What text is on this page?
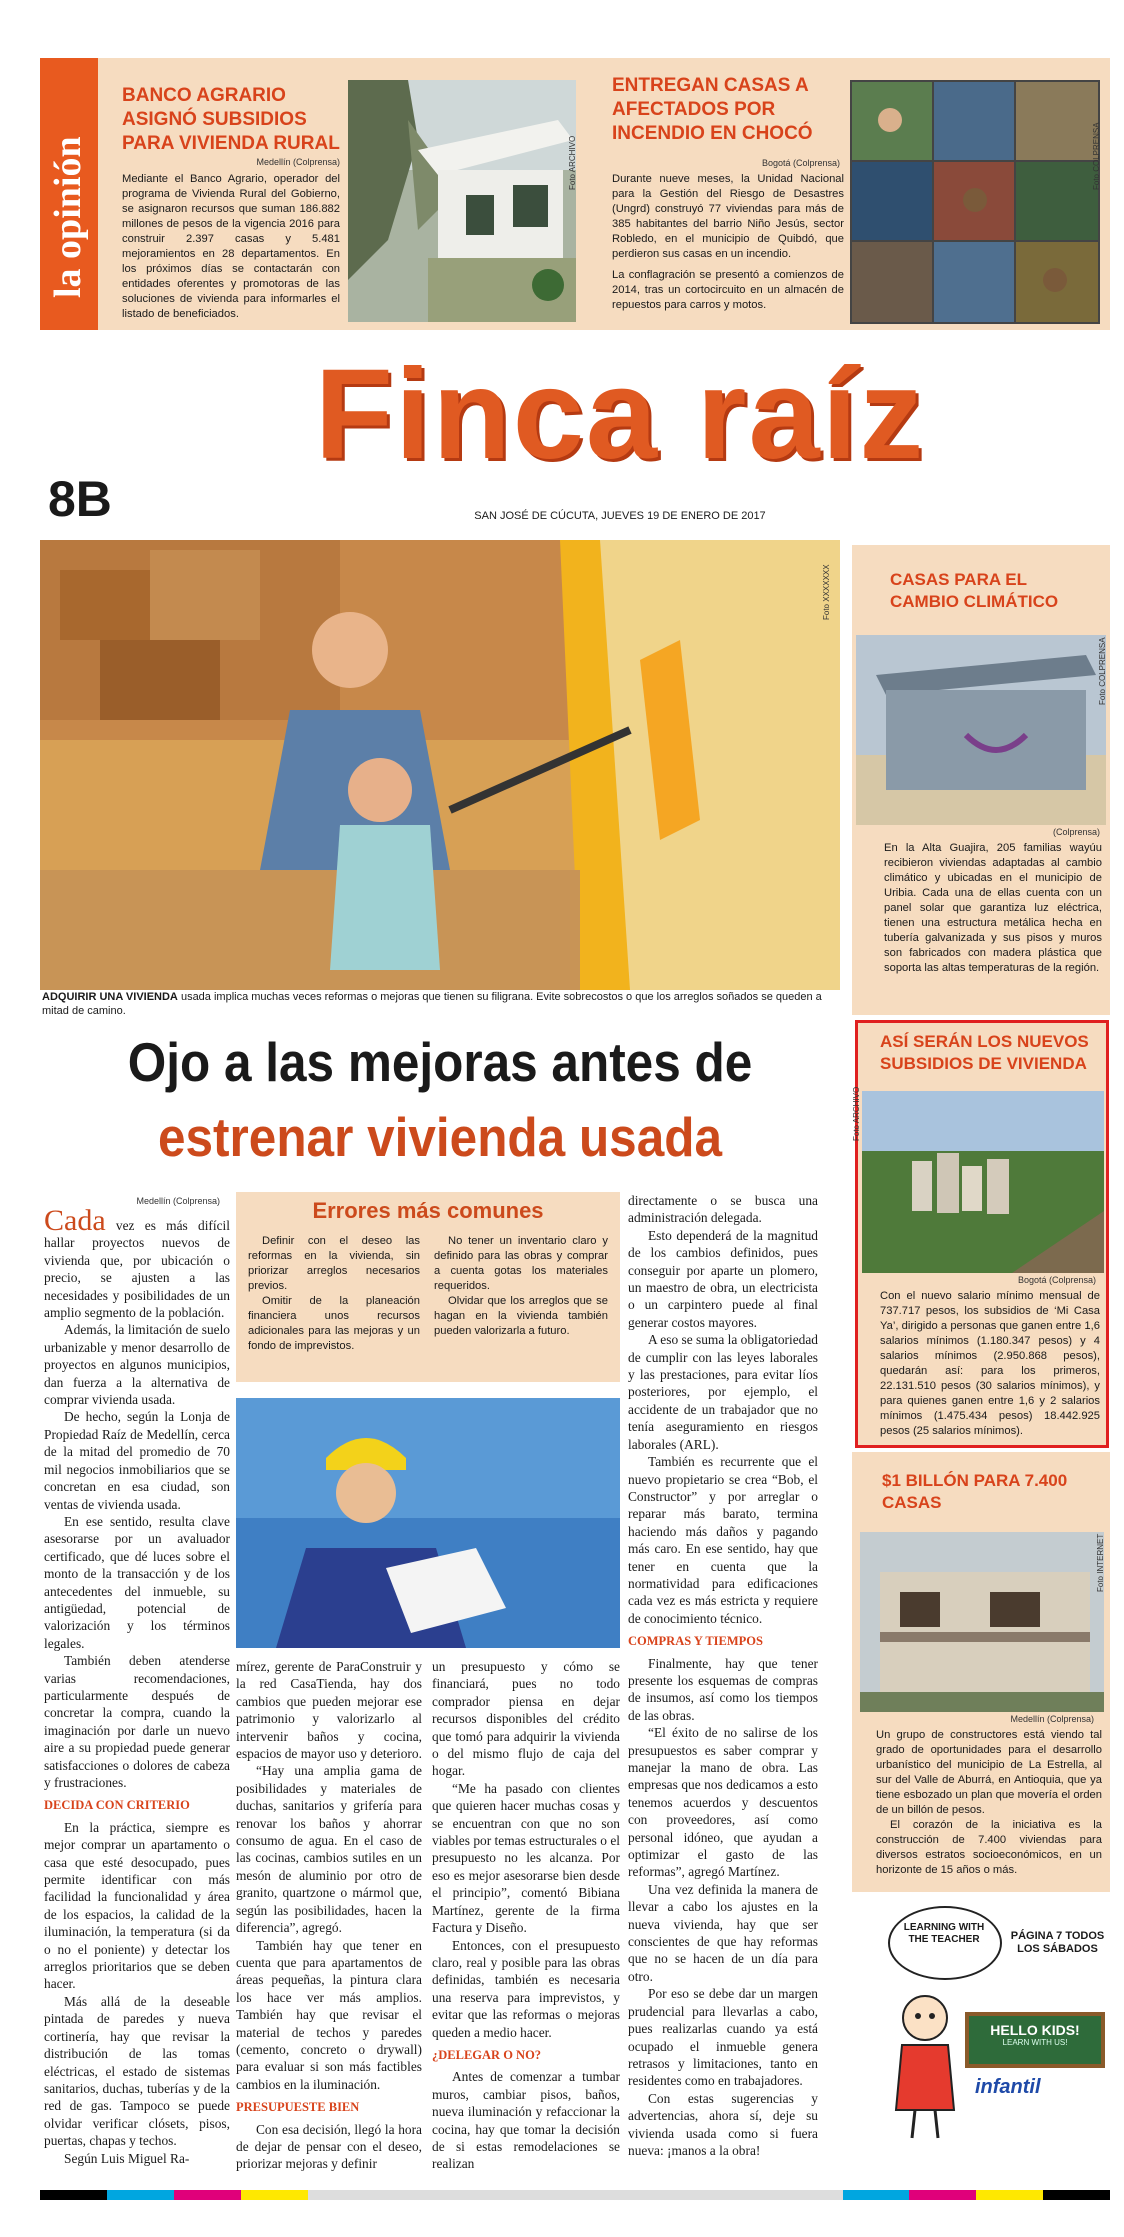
la opinión
BANCO AGRARIO ASIGNÓ SUBSIDIOS PARA VIVIENDA RURAL
Medellín (Colprensa)
Mediante el Banco Agrario, operador del programa de Vivienda Rural del Gobierno, se asignaron recursos que suman 186.882 millones de pesos de la vigencia 2016 para construir 2.397 casas y 5.481 mejoramientos en 28 departamentos. En los próximos días se contactarán con entidades oferentes y promotoras de las soluciones de vivienda para informarles el listado de beneficiados.
Foto ARCHIVO
ENTREGAN CASAS A AFECTADOS POR INCENDIO EN CHOCÓ
Bogotá (Colprensa)
Durante nueve meses, la Unidad Nacional para la Gestión del Riesgo de Desastres (Ungrd) construyó 77 viviendas para más de 385 habitantes del barrio Niño Jesús, sector Robledo, en el municipio de Quibdó, que perdieron sus casas en un incendio.
La conflagración se presentó a comienzos de 2014, tras un cortocircuito en un almacén de repuestos para carros y motos.
Foto COLPRENSA
8B
Finca raíz
SAN JOSÉ DE CÚCUTA, JUEVES 19 DE ENERO DE 2017
Foto XXXXXXX
ADQUIRIR UNA VIVIENDA usada implica muchas veces reformas o mejoras que tienen su filigrana. Evite sobrecostos o que los arreglos soñados se queden a mitad de camino.
Ojo a las mejoras antes de
estrenar vivienda usada
Medellín (Colprensa)

Cada vez es más difícil hallar proyectos nuevos de vivienda que, por ubicación o precio, se ajusten a las necesidades y posibilidades de un amplio segmento de la población.

Además, la limitación de suelo urbanizable y menor desarrollo de proyectos en algunos municipios, dan fuerza a la alternativa de comprar vivienda usada.

De hecho, según la Lonja de Propiedad Raíz de Medellín, cerca de la mitad del promedio de 70 mil negocios inmobiliarios que se concretan en esa ciudad, son ventas de vivienda usada.

En ese sentido, resulta clave asesorarse por un avaluador certificado, que dé luces sobre el monto de la transacción y de los antecedentes del inmueble, su antigüedad, potencial de valorización y los términos legales.

También deben atenderse varias recomendaciones, particularmente después de concretar la compra, cuando la imaginación por darle un nuevo aire a su propiedad puede generar satisfacciones o dolores de cabeza y frustraciones.

DECIDA CON CRITERIO

En la práctica, siempre es mejor comprar un apartamento o casa que esté desocupado, pues permite identificar con más facilidad la funcionalidad y área de los espacios, la calidad de la iluminación, la temperatura (si da o no el poniente) y detectar los arreglos prioritarios que se deben hacer.

Más allá de la deseable pintada de paredes y nueva cortinería, hay que revisar la distribución de las tomas eléctricas, el estado de sistemas sanitarios, duchas, tuberías y de la red de gas. Tampoco se puede olvidar verificar clósets, pisos, puertas, chapas y techos.

Según Luis Miguel Ra-

Errores más comunes

Definir con el deseo las reformas en la vivienda, sin priorizar arreglos necesarios previos.

Omitir de la planeación financiera unos recursos adicionales para las mejoras y un fondo de imprevistos.

No tener un inventario claro y definido para las obras y comprar a cuenta gotas los materiales requeridos.

Olvidar que los arreglos que se hagan en la vivienda también pueden valorizarla a futuro.

mírez, gerente de ParaConstruir y la red CasaTienda, hay dos cambios que pueden mejorar ese patrimonio y valorizarlo al intervenir baños y cocina, espacios de mayor uso y deterioro.

“Hay una amplia gama de posibilidades y materiales de duchas, sanitarios y grifería para renovar los baños y ahorrar consumo de agua. En el caso de las cocinas, cambios sutiles en un mesón de aluminio por otro de granito, quartzone o mármol que, según las posibilidades, hacen la diferencia”, agregó.

También hay que tener en cuenta que para apartamentos de áreas pequeñas, la pintura clara los hace ver más amplios. También hay que revisar el material de techos y paredes (cemento, concreto o drywall) para evaluar si son más factibles cambios en la iluminación.

PRESUPUESTE BIEN

Con esa decisión, llegó la hora de dejar de pensar con el deseo, priorizar mejoras y definir

un presupuesto y cómo se financiará, pues no todo comprador piensa en dejar recursos disponibles del crédito que tomó para adquirir la vivienda o del mismo flujo de caja del hogar.

“Me ha pasado con clientes que quieren hacer muchas cosas y se encuentran con que no son viables por temas estructurales o el presupuesto no les alcanza. Por eso es mejor asesorarse bien desde el principio”, comentó Bibiana Martínez, gerente de la firma Factura y Diseño.

Entonces, con el presupuesto claro, real y posible para las obras definidas, también es necesaria una reserva para imprevistos, y evitar que las reformas o mejoras queden a medio hacer.

¿DELEGAR O NO?

Antes de comenzar a tumbar muros, cambiar pisos, baños, nueva iluminación y refaccionar la cocina, hay que tomar la decisión de si estas remodelaciones se realizan

directamente o se busca una administración delegada.

Esto dependerá de la magnitud de los cambios definidos, pues conseguir por aparte un plomero, un maestro de obra, un electricista o un carpintero puede al final generar costos mayores.

A eso se suma la obligatoriedad de cumplir con las leyes laborales y las prestaciones, para evitar líos posteriores, por ejemplo, el accidente de un trabajador que no tenía aseguramiento en riesgos laborales (ARL).

También es recurrente que el nuevo propietario se crea “Bob, el Constructor” y por arreglar o reparar más barato, termina haciendo más daños y pagando más caro. En ese sentido, hay que tener en cuenta que la normatividad para edificaciones cada vez es más estricta y requiere de conocimiento técnico.

COMPRAS Y TIEMPOS

Finalmente, hay que tener presente los esquemas de compras de insumos, así como los tiempos de las obras.

“El éxito de no salirse de los presupuestos es saber comprar y manejar la mano de obra. Las empresas que nos dedicamos a esto tenemos acuerdos y descuentos con proveedores, así como personal idóneo, que ayudan a optimizar el gasto de las reformas”, agregó Martínez.

Una vez definida la manera de llevar a cabo los ajustes en la nueva vivienda, hay que ser conscientes de que hay reformas que no se hacen de un día para otro.

Por eso se debe dar un margen prudencial para llevarlas a cabo, pues realizarlas cuando ya está ocupado el inmueble genera retrasos y limitaciones, tanto en residentes como en trabajadores.

Con estas sugerencias y advertencias, ahora sí, deje su vivienda usada como si fuera nueva: ¡manos a la obra!

CASAS PARA EL CAMBIO CLIMÁTICO
Foto COLPRENSA
(Colprensa)
En la Alta Guajira, 205 familias wayúu recibieron viviendas adaptadas al cambio climático y ubicadas en el municipio de Uribia. Cada una de ellas cuenta con un panel solar que garantiza luz eléctrica, tienen una estructura metálica hecha en tubería galvanizada y sus pisos y muros son fabricados con madera plástica que soporta las altas temperaturas de la región.
ASÍ SERÁN LOS NUEVOS SUBSIDIOS DE VIVIENDA
Foto ARCHIVO
Bogotá (Colprensa)
Con el nuevo salario mínimo mensual de 737.717 pesos, los subsidios de ‘Mi Casa Ya’, dirigido a personas que ganen entre 1,6 salarios mínimos (1.180.347 pesos) y 4 salarios mínimos (2.950.868 pesos), quedarán así: para los primeros, 22.131.510 pesos (30 salarios mínimos), y para quienes ganen entre 1,6 y 2 salarios mínimos (1.475.434 pesos) 18.442.925 pesos (25 salarios mínimos).
$1 BILLÓN PARA 7.400 CASAS
Foto INTERNET
Medellín (Colprensa)
Un grupo de constructores está viendo tal grado de oportunidades para el desarrollo urbanístico del municipio de La Estrella, al sur del Valle de Aburrá, en Antioquia, que ya tiene esbozado un plan que movería el orden de un billón de pesos.
El corazón de la iniciativa es la construcción de 7.400 viviendas para diversos estratos socioeconómicos, en un horizonte de 15 años o más.
LEARNING WITH THE TEACHER	PÁGINA 7 TODOS LOS SÁBADOS
HELLO KIDS!
LEARN WITH US!
infantil
